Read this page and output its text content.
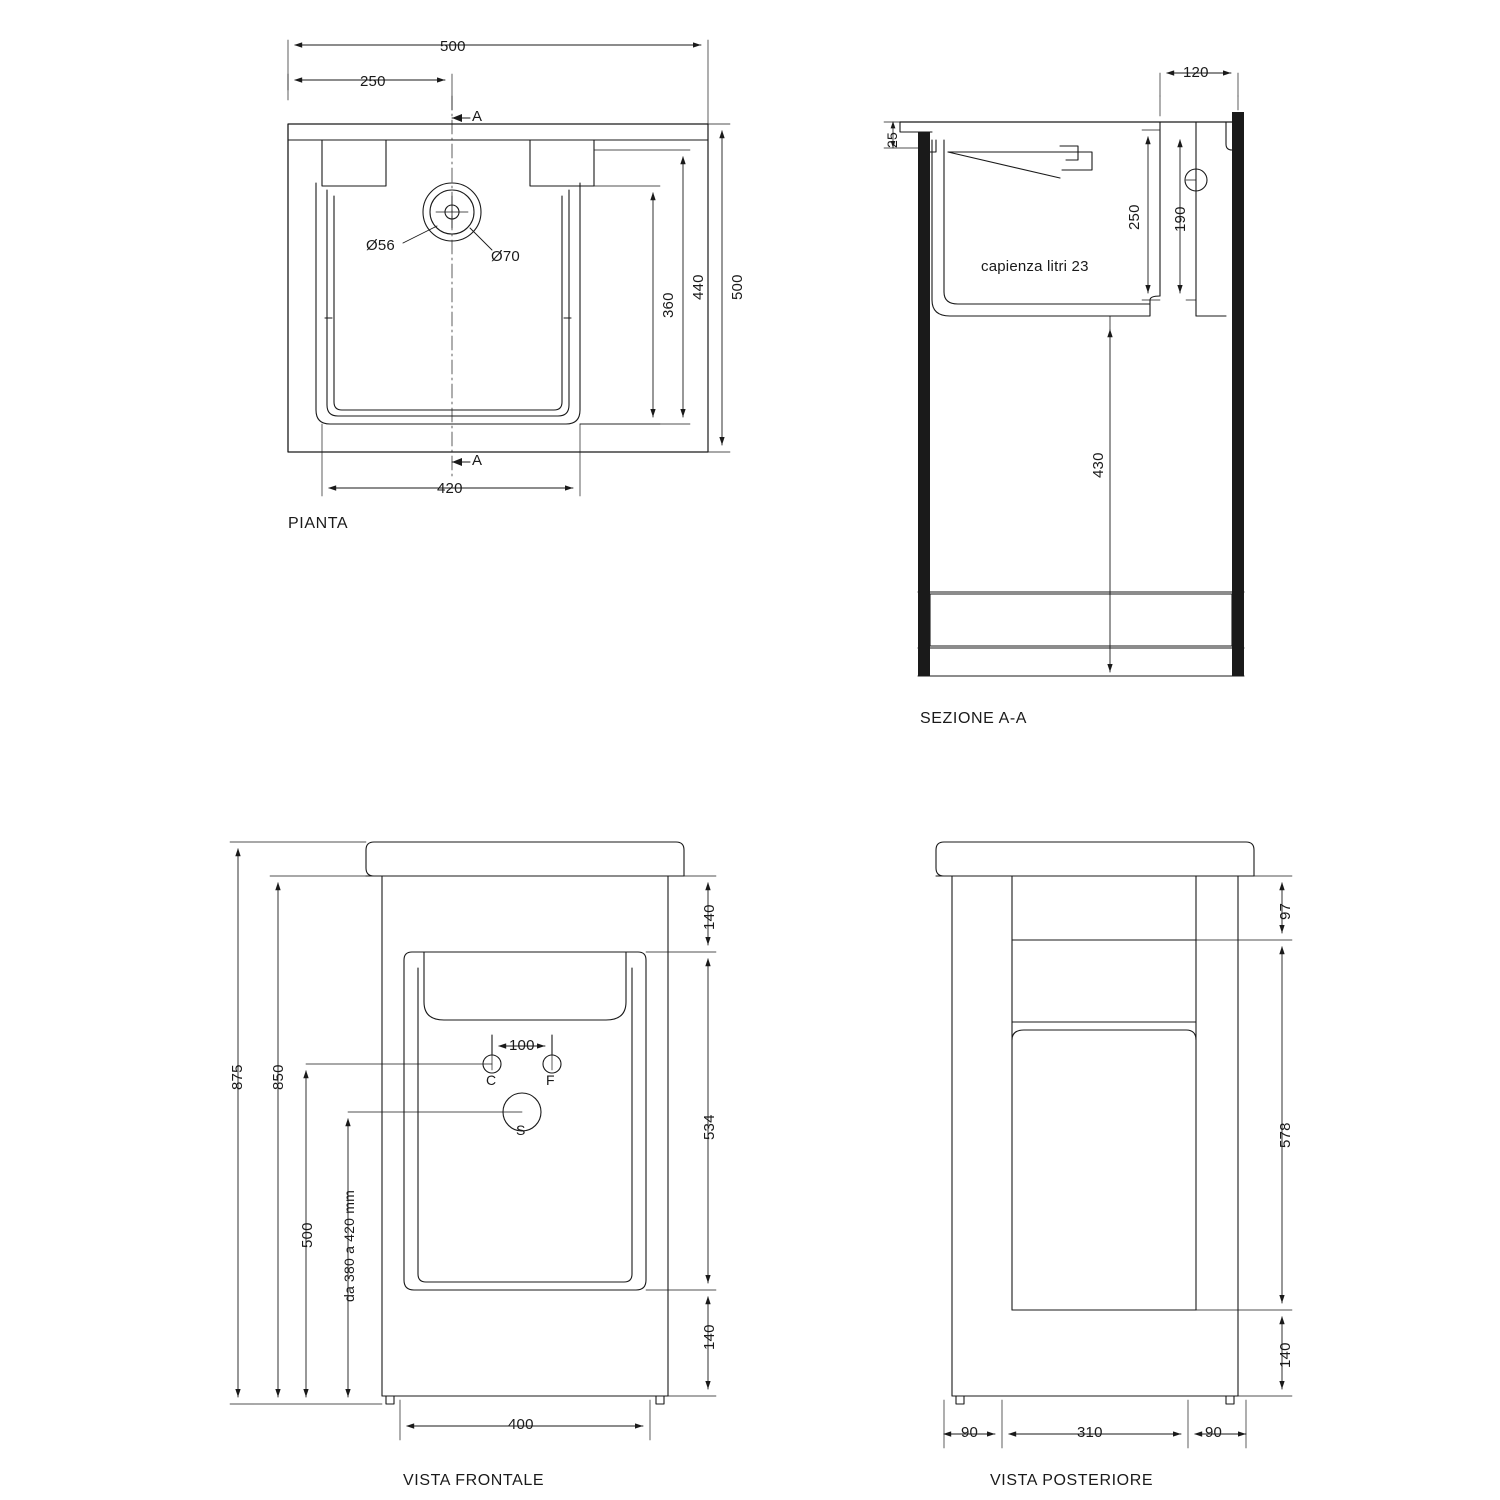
500
250
A
A
Ø56
Ø70
500
440
360
420
PIANTA
120
25
250 190
430
capienza litri 23
SEZIONE A-A
875 850
500 da 380 a 420 mm
140
534
140
100
C	F
S
400
VISTA FRONTALE
97
578
140
90	310	90
VISTA POSTERIORE
